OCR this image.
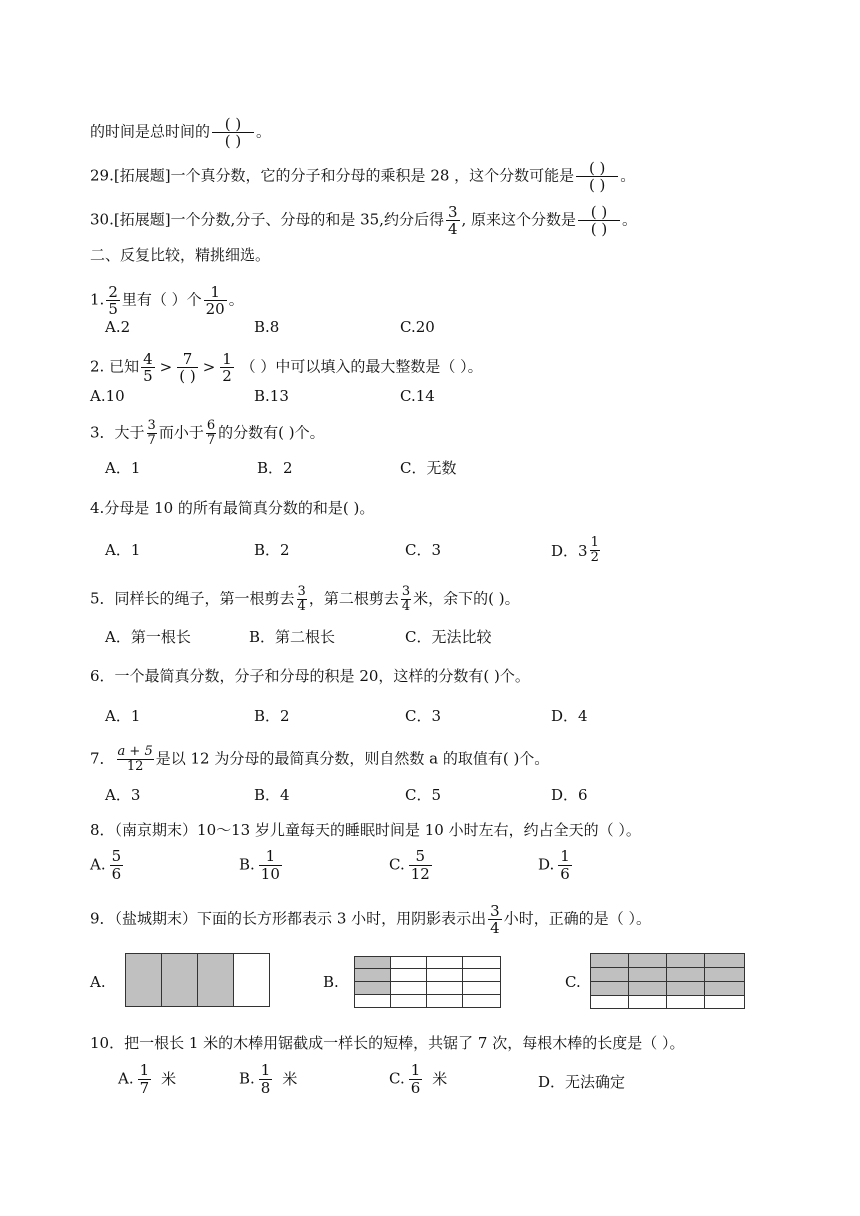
的时间是总时间的 $\frac{( )}{( )}$ 。
29.[拓展题]一个真分数，它的分子和分母的乘积是 28 ，这个分数可能是 $\frac{( )}{( )}$ 。
30.[拓展题]一个分数,分子、分母的和是 35,约分后得 $\frac{3}{4}$ , 原来这个分数是 $\frac{( )}{( )}$ 。
二、反复比较，精挑细选。
1. $\frac{2}{5}$ 里有（ ）个 $\frac{1}{20}$ 。
A.2	B.8	C.20
2. 已知 $\frac{4}{5} > \frac{7}{( )} > \frac{1}{2}$ （ ）中可以填入的最大整数是（ ）。
A.10	B.13	C.14
3．大于 $\frac{3}{7}$ 而小于 $\frac{6}{7}$ 的分数有( )个。
A．1	B．2	C．无数
4.分母是 10 的所有最简真分数的和是( )。
A．1	B．2	C．3	D．$3 \frac{1}{2}$
5．同样长的绳子，第一根剪去 $\frac{3}{4}$ ，第二根剪去 $\frac{3}{4}$ 米，余下的( )。
A．第一根长	B．第二根长	C．无法比较
6．一个最简真分数，分子和分母的积是 20，这样的分数有( )个。
A．1	B．2	C．3	D．4
7． $\frac{a + 5}{12}$ 是以 12 为分母的最简真分数，则自然数 a 的取值有( )个。
A．3	B．4	C．5	D．6
8．（南京期末）10～13 岁儿童每天的睡眠时间是 10 小时左右，约占全天的（ ）。
A. $\frac{5}{6}$	B. $\frac{1}{10}$	C. $\frac{5}{12}$	D. $\frac{1}{6}$
9．（盐城期末）下面的长方形都表示 3 小时，用阴影表示出 $\frac{3}{4}$ 小时，正确的是（ ）。
A.	B.	C.
10．把一根长 1 米的木棒用锯截成一样长的短棒，共锯了 7 次，每根木棒的长度是（ ）。
A. $\frac{1}{7}$ 米	B. $\frac{1}{8}$ 米	C. $\frac{1}{6}$ 米	D．无法确定
